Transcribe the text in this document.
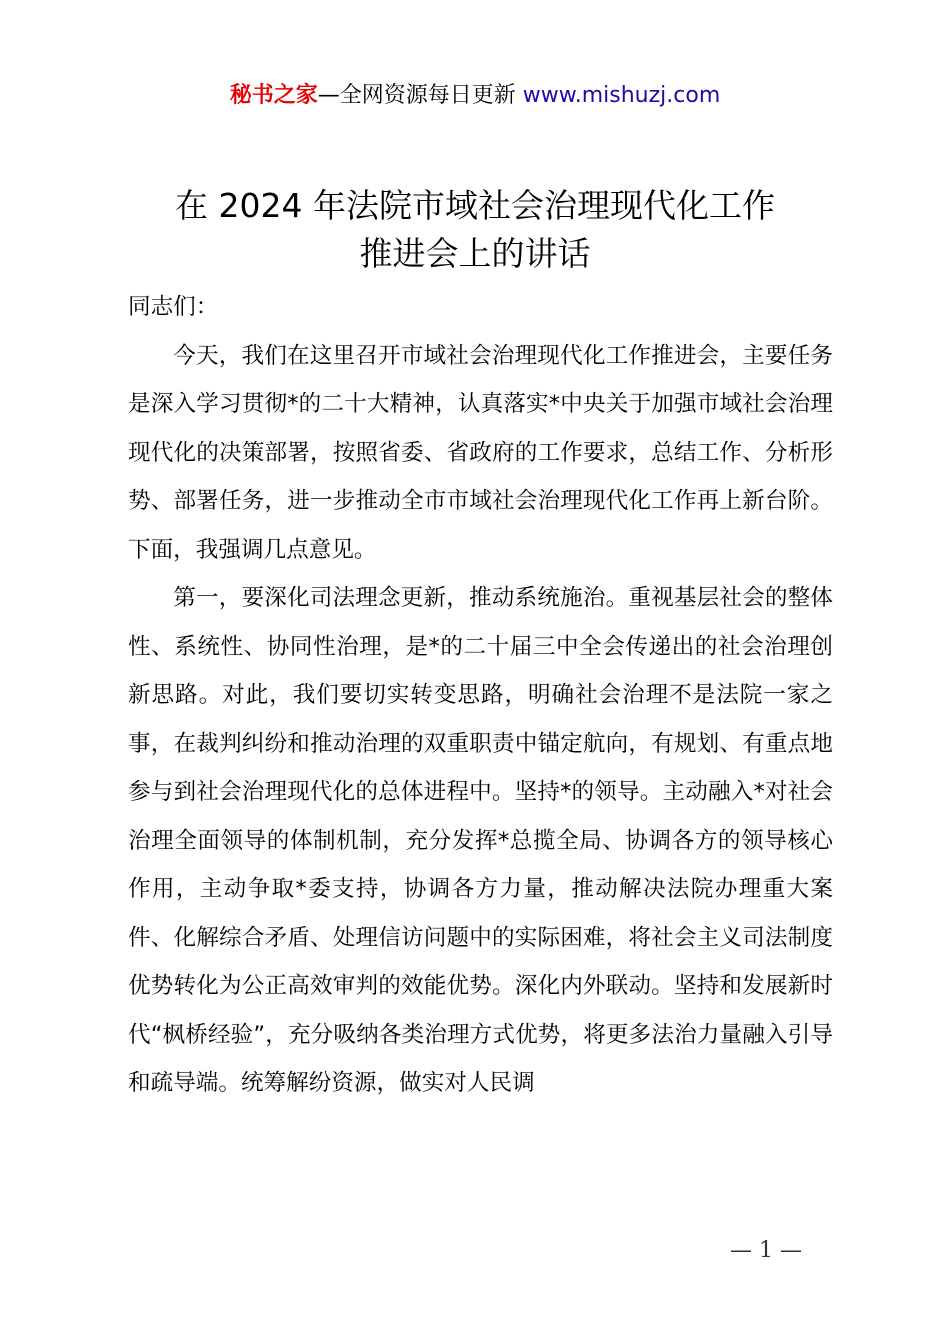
秘书之家—全网资源每日更新 www.mishuzj.com
在 2024 年法院市域社会治理现代化工作
推进会上的讲话

同志们：

今天，我们在这里召开市域社会治理现代化工作推进会，主要任务是深入学习贯彻*的二十大精神，认真落实*中央关于加强市域社会治理现代化的决策部署，按照省委、省政府的工作要求，总结工作、分析形势、部署任务，进一步推动全市市域社会治理现代化工作再上新台阶。下面，我强调几点意见。

第一，要深化司法理念更新，推动系统施治。重视基层社会的整体性、系统性、协同性治理，是*的二十届三中全会传递出的社会治理创新思路。对此，我们要切实转变思路，明确社会治理不是法院一家之事，在裁判纠纷和推动治理的双重职责中锚定航向，有规划、有重点地参与到社会治理现代化的总体进程中。坚持*的领导。主动融入*对社会治理全面领导的体制机制，充分发挥*总揽全局、协调各方的领导核心作用，主动争取*委支持，协调各方力量，推动解决法院办理重大案件、化解综合矛盾、处理信访问题中的实际困难，将社会主义司法制度优势转化为公正高效审判的效能优势。深化内外联动。坚持和发展新时代“枫桥经验”，充分吸纳各类治理方式优势，将更多法治力量融入引导和疏导端。统筹解纷资源，做实对人民调

— 1 —
